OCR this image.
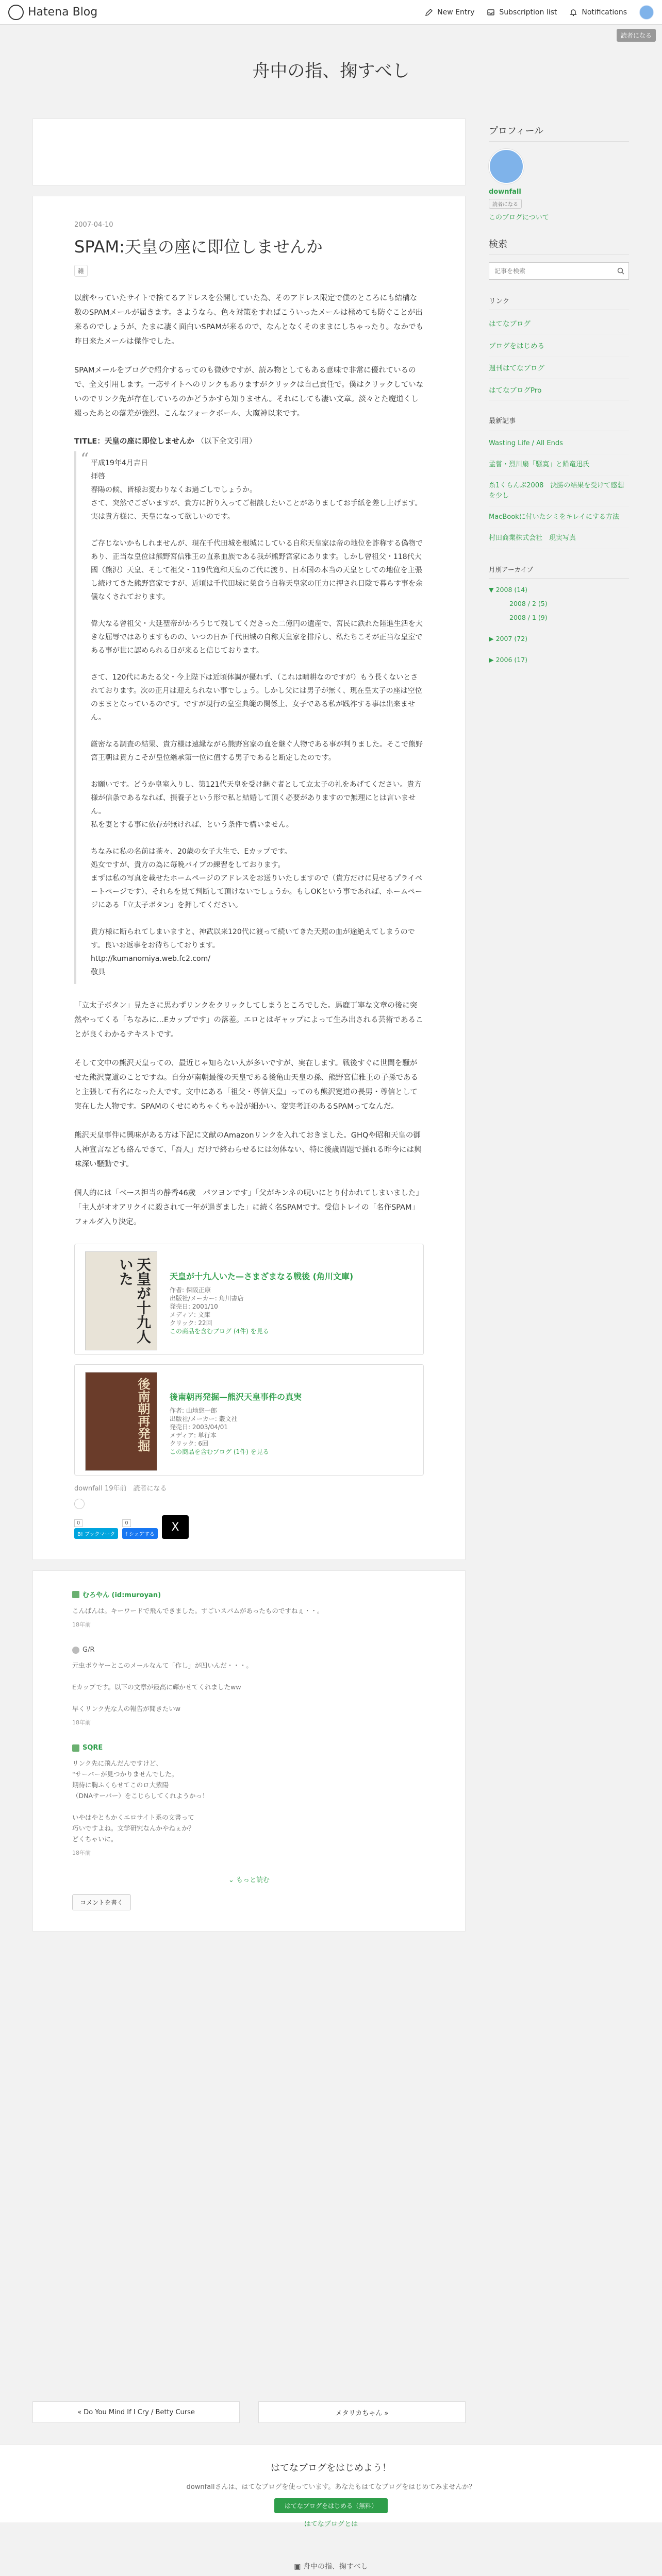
Hatena Blog	New Entry	Subscription list	Notifications
読者になる
舟中の指、掬すべし
2007-04-10
SPAM:天皇の座に即位しませんか
雑

以前やっていたサイトで捨てるアドレスを公開していた為、そのアドレス限定で僕のところにも結構な数のSPAMメールが届きます。さようなら、色々対策をすればこういったメールは極めても防ぐことが出来るのでしょうが、たまに凄く面白いSPAMが来るので、なんとなくそのままにしちゃったり。なかでも昨日来たメールは傑作でした。

SPAMメールをブログで紹介するってのも微妙ですが、読み物としてもある意味で非常に優れているので、全文引用します。一応サイトへのリンクもありますがクリックは自己責任で。僕はクリックしていないのでリンク先が存在しているのかどうかすら知りません。それにしても凄い文章。淡々とた魔道くし綴ったあとの落差が強烈。こんなフォークボール、大魔神以来です。

TITLE：天皇の座に即位しませんか （以下全文引用）

“ 平成19年4月吉日
拝啓
春陽の候、皆様お変わりなくお過ごしでしょうか。
さて、突然でございますが、貴方に折り入ってご相談したいことがありましてお手紙を差し上げます。
実は貴方様に、天皇になって欲しいのです。

ご存じないかもしれませんが、現在千代田城を根城にしている自称天皇家は帝の地位を詐称する偽物であり、正当な皇位は熊野宮信雅王の直系血族である我が熊野宮家にあります。しかし曾祖父・118代大國（熊沢）天皇、そして祖父・119代寛和天皇のご代に渡り、日本国の本当の天皇としての地位を主張し続けてきた熊野宮家ですが、近頃は千代田城に巣食う自称天皇家の圧力に押され日陰で暮らす事を余儀なくされております。

偉大なる曾祖父・大延聖帝がかろうじて残してくださった二億円の遺産で、宮民に鉄れた陸進生活を大きな屈辱ではありますものの、いつの日か千代田城の自称天皇家を排斥し、私たちこそが正当な皇室である事が世に認められる日が来ると信じております。

さて、120代にあたる父・今上陛下は近頃体調が優れず、（これは晴耕なのですが）もう長くないとされております。次の正月は迎えられない事でしょう。しかし父には男子が無く、現在皇太子の座は空位のままとなっているのです。ですが現行の皇室典範の関係上、女子である私が践祚する事は出来ません。

厳密なる調査の結果、貴方様は遠縁ながら熊野宮家の血を継ぐ人物である事が判りました。そこで熊野宮王朝は貴方こそが皇位継承第一位に值する男子であると断定したのです。

お願いです。どうか皇室入りし、第121代天皇を受け継ぐ者として立太子の礼をあげてください。貴方様が信条であるなれば、摂養子という形で私と結婚して頂く必要がありますので無理にとは言いません。
私を妻とする事に依存が無ければ、という条件で構いません。

ちなみに私の名前は茶々、20歳の女子大生で、Eカップです。
処女ですが、貴方の為に毎晩バイブの練習をしております。
まずは私の写真を載せたホームページのアドレスをお送りいたしますので（貴方だけに見せるプライベートページです）、それらを見て判断して頂けないでしょうか。もしOKという事であれば、ホームページにある「立太子ボタン」を押してください。

貴方様に断られてしまいますと、神武以来120代に渡って続いてきた天照の血が途絶えてしまうのです。良いお返事をお待ちしております。
http://kumanomiya.web.fc2.com/
敬具

「立太子ボタン」見たさに思わずリンクをクリックしてしまうところでした。馬鹿丁寧な文章の後に突然やってくる「ちなみに…Eカップです」の落差。エロとはギャップによって生み出される芸術であることが良くわかるテキストです。

そして文中の熊沢天皇っての、最近じゃ知らない人が多いですが、実在します。戦後すぐに世間を騒がせた熊沢寛道のことですね。自分が南朝最後の天皇である後亀山天皇の孫、熊野宮信雅王の子孫であると主張して有名になった人です。文中にある「祖父・尊信天皇」ってのも熊沢寛道の長男・尊信として実在した人物です。SPAMのくせにめちゃくちゃ設が細かい。変実考証のあるSPAMってなんだ。

熊沢天皇事件に興味がある方は下記に文献のAmazonリンクを入れておきました。GHQや昭和天皇の御人神宣言なども絡んできて、「吾人」だけで終わらせるには勿体ない、特に後歳問題で揺れる昨今には興味深い騒動です。

個人的には「ベース担当の静香46歳　パツヨンです」「父がキンネの呪いにとり付かれてしまいました」「主人がオオアリクイに殺されて一年が過ぎました」に続く名SPAMです。受信トレイの「名作SPAM」フォルダ入り決定。

天皇が十九人いた	天皇が十九人いた—さまざまなる戦後 (角川文庫)
作者: 保阪正康
出版社/メーカー: 角川書店
発売日: 2001/10
メディア: 文庫
クリック: 22回
この商品を含むブログ (4件) を見る
後南朝再発掘 後南朝再発掘—熊沢天皇事件の真実
作者: 山地悠一郎
出版社/メーカー: 叢文社
発売日: 2003/04/01
メディア: 単行本
クリック: 6回
この商品を含むブログ (1件) を見る
downfall 19年前　読者になる
0
B! ブックマーク
0
f シェアする
X
むろやん (id:muroyan)
こんばんは。キーワードで飛んできました。すごいスパムがあったものですねぇ・・。
18年前
G/R
元虫ボウヤーとこのメールなんて「作し」が凹いんだ・・・。

Eカップです。以下の文章が最高に輝かせてくれましたww

早くリンク先な人の報告が聞きたいw
18年前
SQRE
リンク先に飛んだんですけど、
"サーバーが見つかりませんでした。
期待に胸ふくらせてこのロ大紫陽
（DNAサーバー）をこじらしてくれようかっ！

いやはやともかくエロサイト系の文書って
巧いですよね。文学研究なんかやねぇか？
どくちゃいに。
18年前
⌄ もっと読む
コメントを書く
« Do You Mind If I Cry / Betty Curse	メタリカちゃん »
プロフィール
downfall
読者になる
このブログについて
検索
記事を検索
リンク
はてなブログ
ブログをはじめる
週刊はてなブログ
はてなブログPro
最新記事
Wasting Life / All Ends
孟嘗・烈川扇「騒寞」と鉛竜迅氏
糸1くらんぷ2008　決勝の結果を受けて感想を少し
MacBookに付いたシミをキレイにする方法
村田商業株式会社　現実写真
月別アーカイブ
▼ 2008 (14)
2008 / 2 (5)
2008 / 1 (9)
▶ 2007 (72)
▶ 2006 (17)
はてなブログをはじめよう！
downfallさんは、はてなブログを使っています。あなたもはてなブログをはじめてみませんか？
はてなブログをはじめる（無料）
はてなブログとは
▣ 舟中の指、掬すべし
